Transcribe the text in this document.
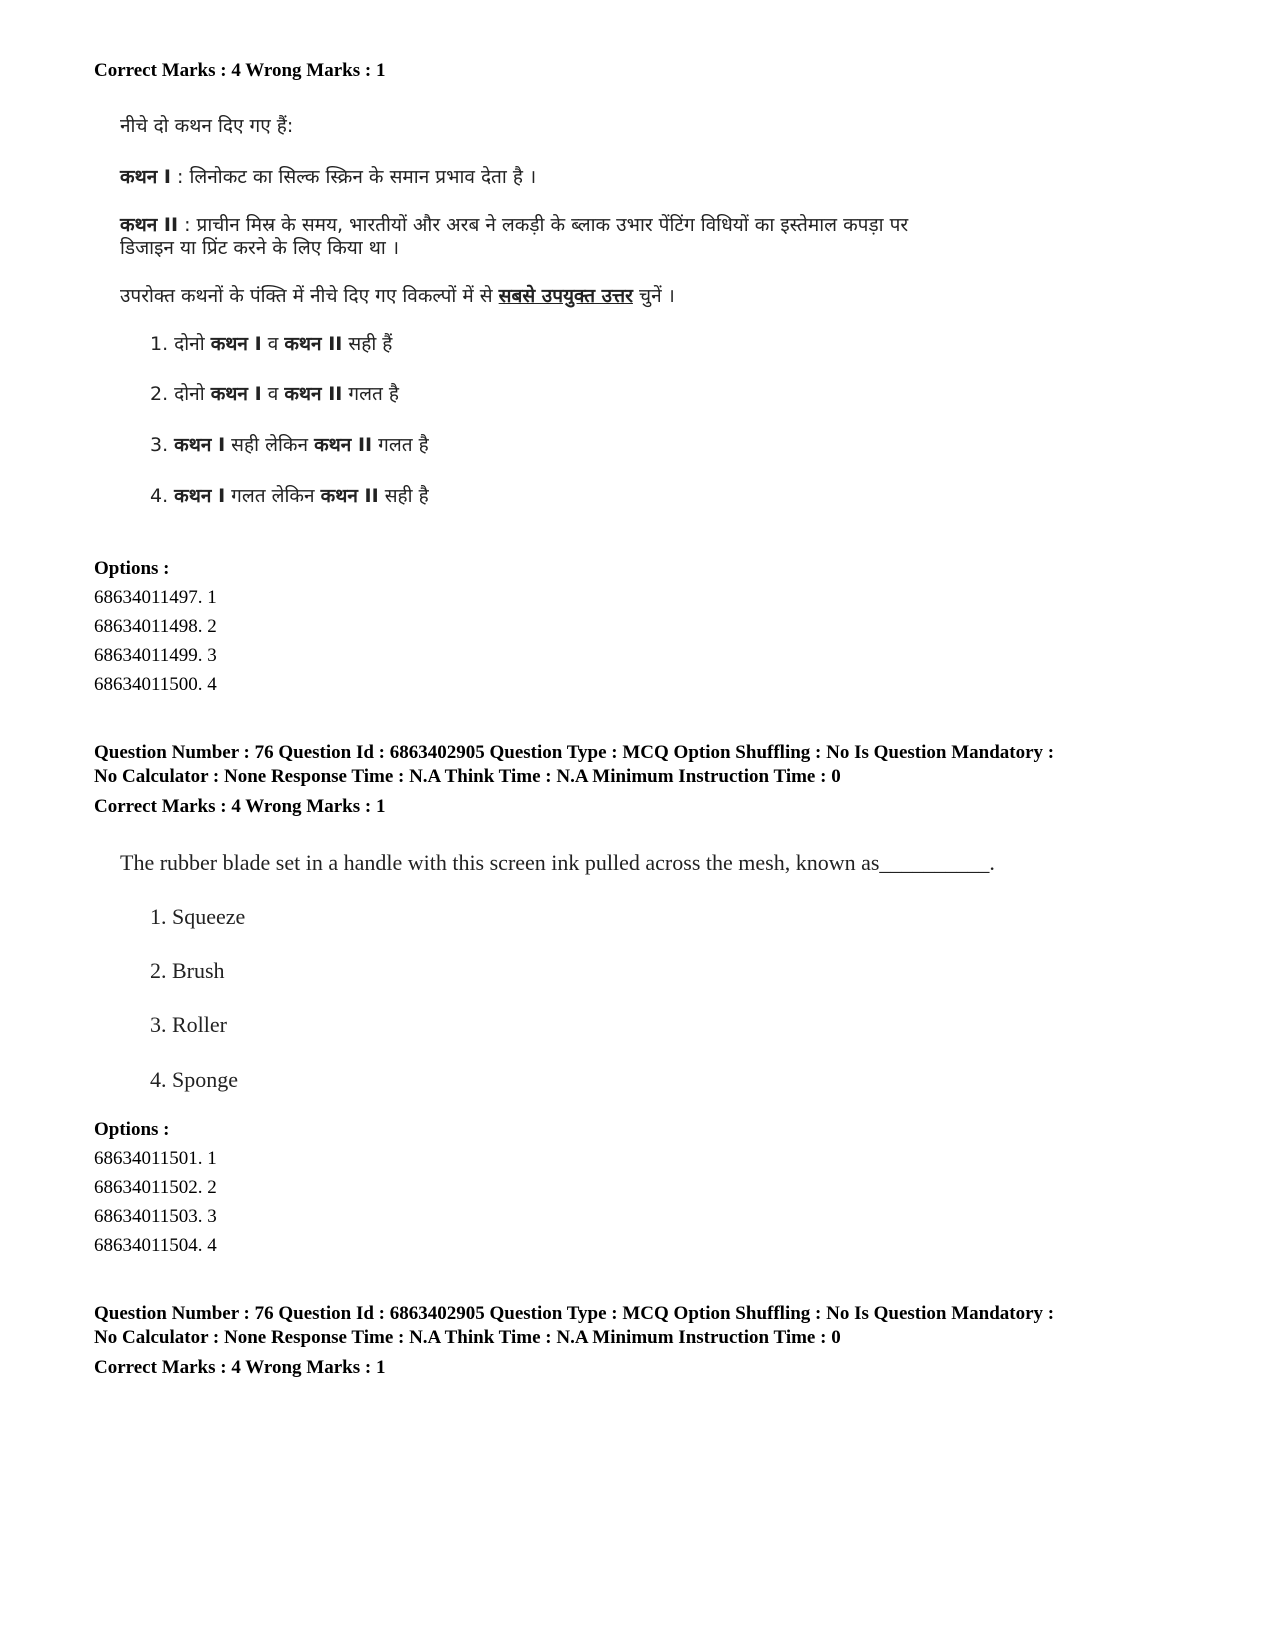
Correct Marks : 4 Wrong Marks : 1
नीचे दो कथन दिए गए हैं:
कथन I : लिनोकट का सिल्क स्क्रिन के समान प्रभाव देता है ।
कथन II : प्राचीन मिस्र के समय, भारतीयों और अरब ने लकड़ी के ब्लाक उभार पेंटिंग विधियों का इस्तेमाल कपड़ा पर
डिजाइन या प्रिंट करने के लिए किया था ।
उपरोक्त कथनों के पंक्ति में नीचे दिए गए विकल्पों में से सबसे उपयुक्त उत्तर चुनें ।
1. दोनो कथन I व कथन II सही हैं
2. दोनो कथन I व कथन II गलत है
3. कथन I सही लेकिन कथन II गलत है
4. कथन I गलत लेकिन कथन II सही है
Options :
68634011497. 1
68634011498. 2
68634011499. 3
68634011500. 4
Question Number : 76 Question Id : 6863402905 Question Type : MCQ Option Shuffling : No Is Question Mandatory :
No Calculator : None Response Time : N.A Think Time : N.A Minimum Instruction Time : 0
Correct Marks : 4 Wrong Marks : 1
The rubber blade set in a handle with this screen ink pulled across the mesh, known as__________.
1. Squeeze
2. Brush
3. Roller
4. Sponge
Options :
68634011501. 1
68634011502. 2
68634011503. 3
68634011504. 4
Question Number : 76 Question Id : 6863402905 Question Type : MCQ Option Shuffling : No Is Question Mandatory :
No Calculator : None Response Time : N.A Think Time : N.A Minimum Instruction Time : 0
Correct Marks : 4 Wrong Marks : 1
